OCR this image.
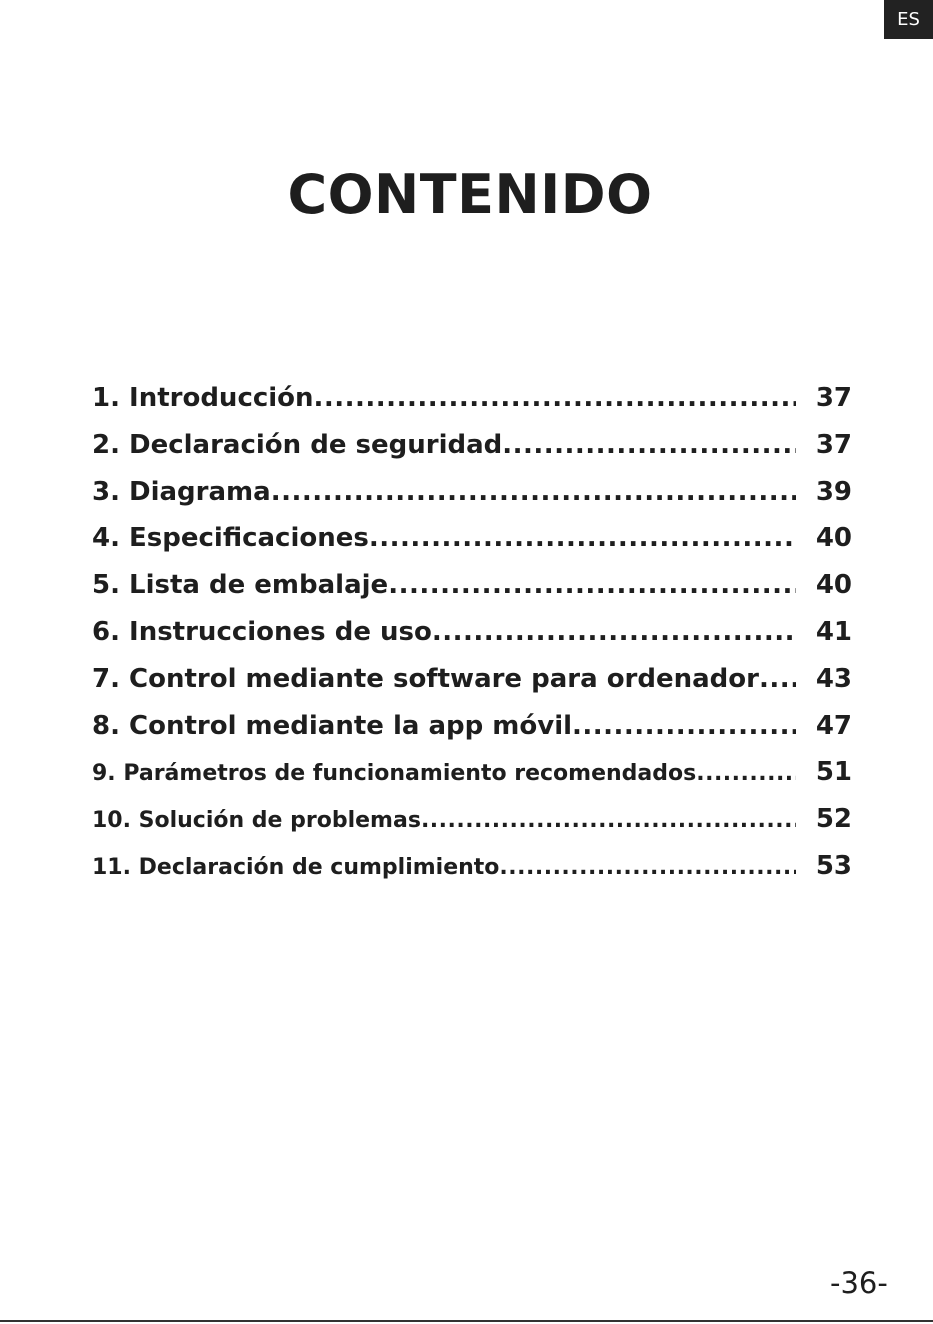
ES
CONTENIDO
1. Introducción .....	37
2. Declaración de seguridad .....	37
3. Diagrama .....	39
4. Especificaciones .....	40
5. Lista de embalaje .....	40
6. Instrucciones de uso .....	41
7. Control mediante software para ordenador ..... 43
8. Control mediante la app móvil .....	47
9. Parámetros de funcionamiento recomendados .....	51
10. Solución de problemas .....	52
11. Declaración de cumplimiento .....	53
-36-
